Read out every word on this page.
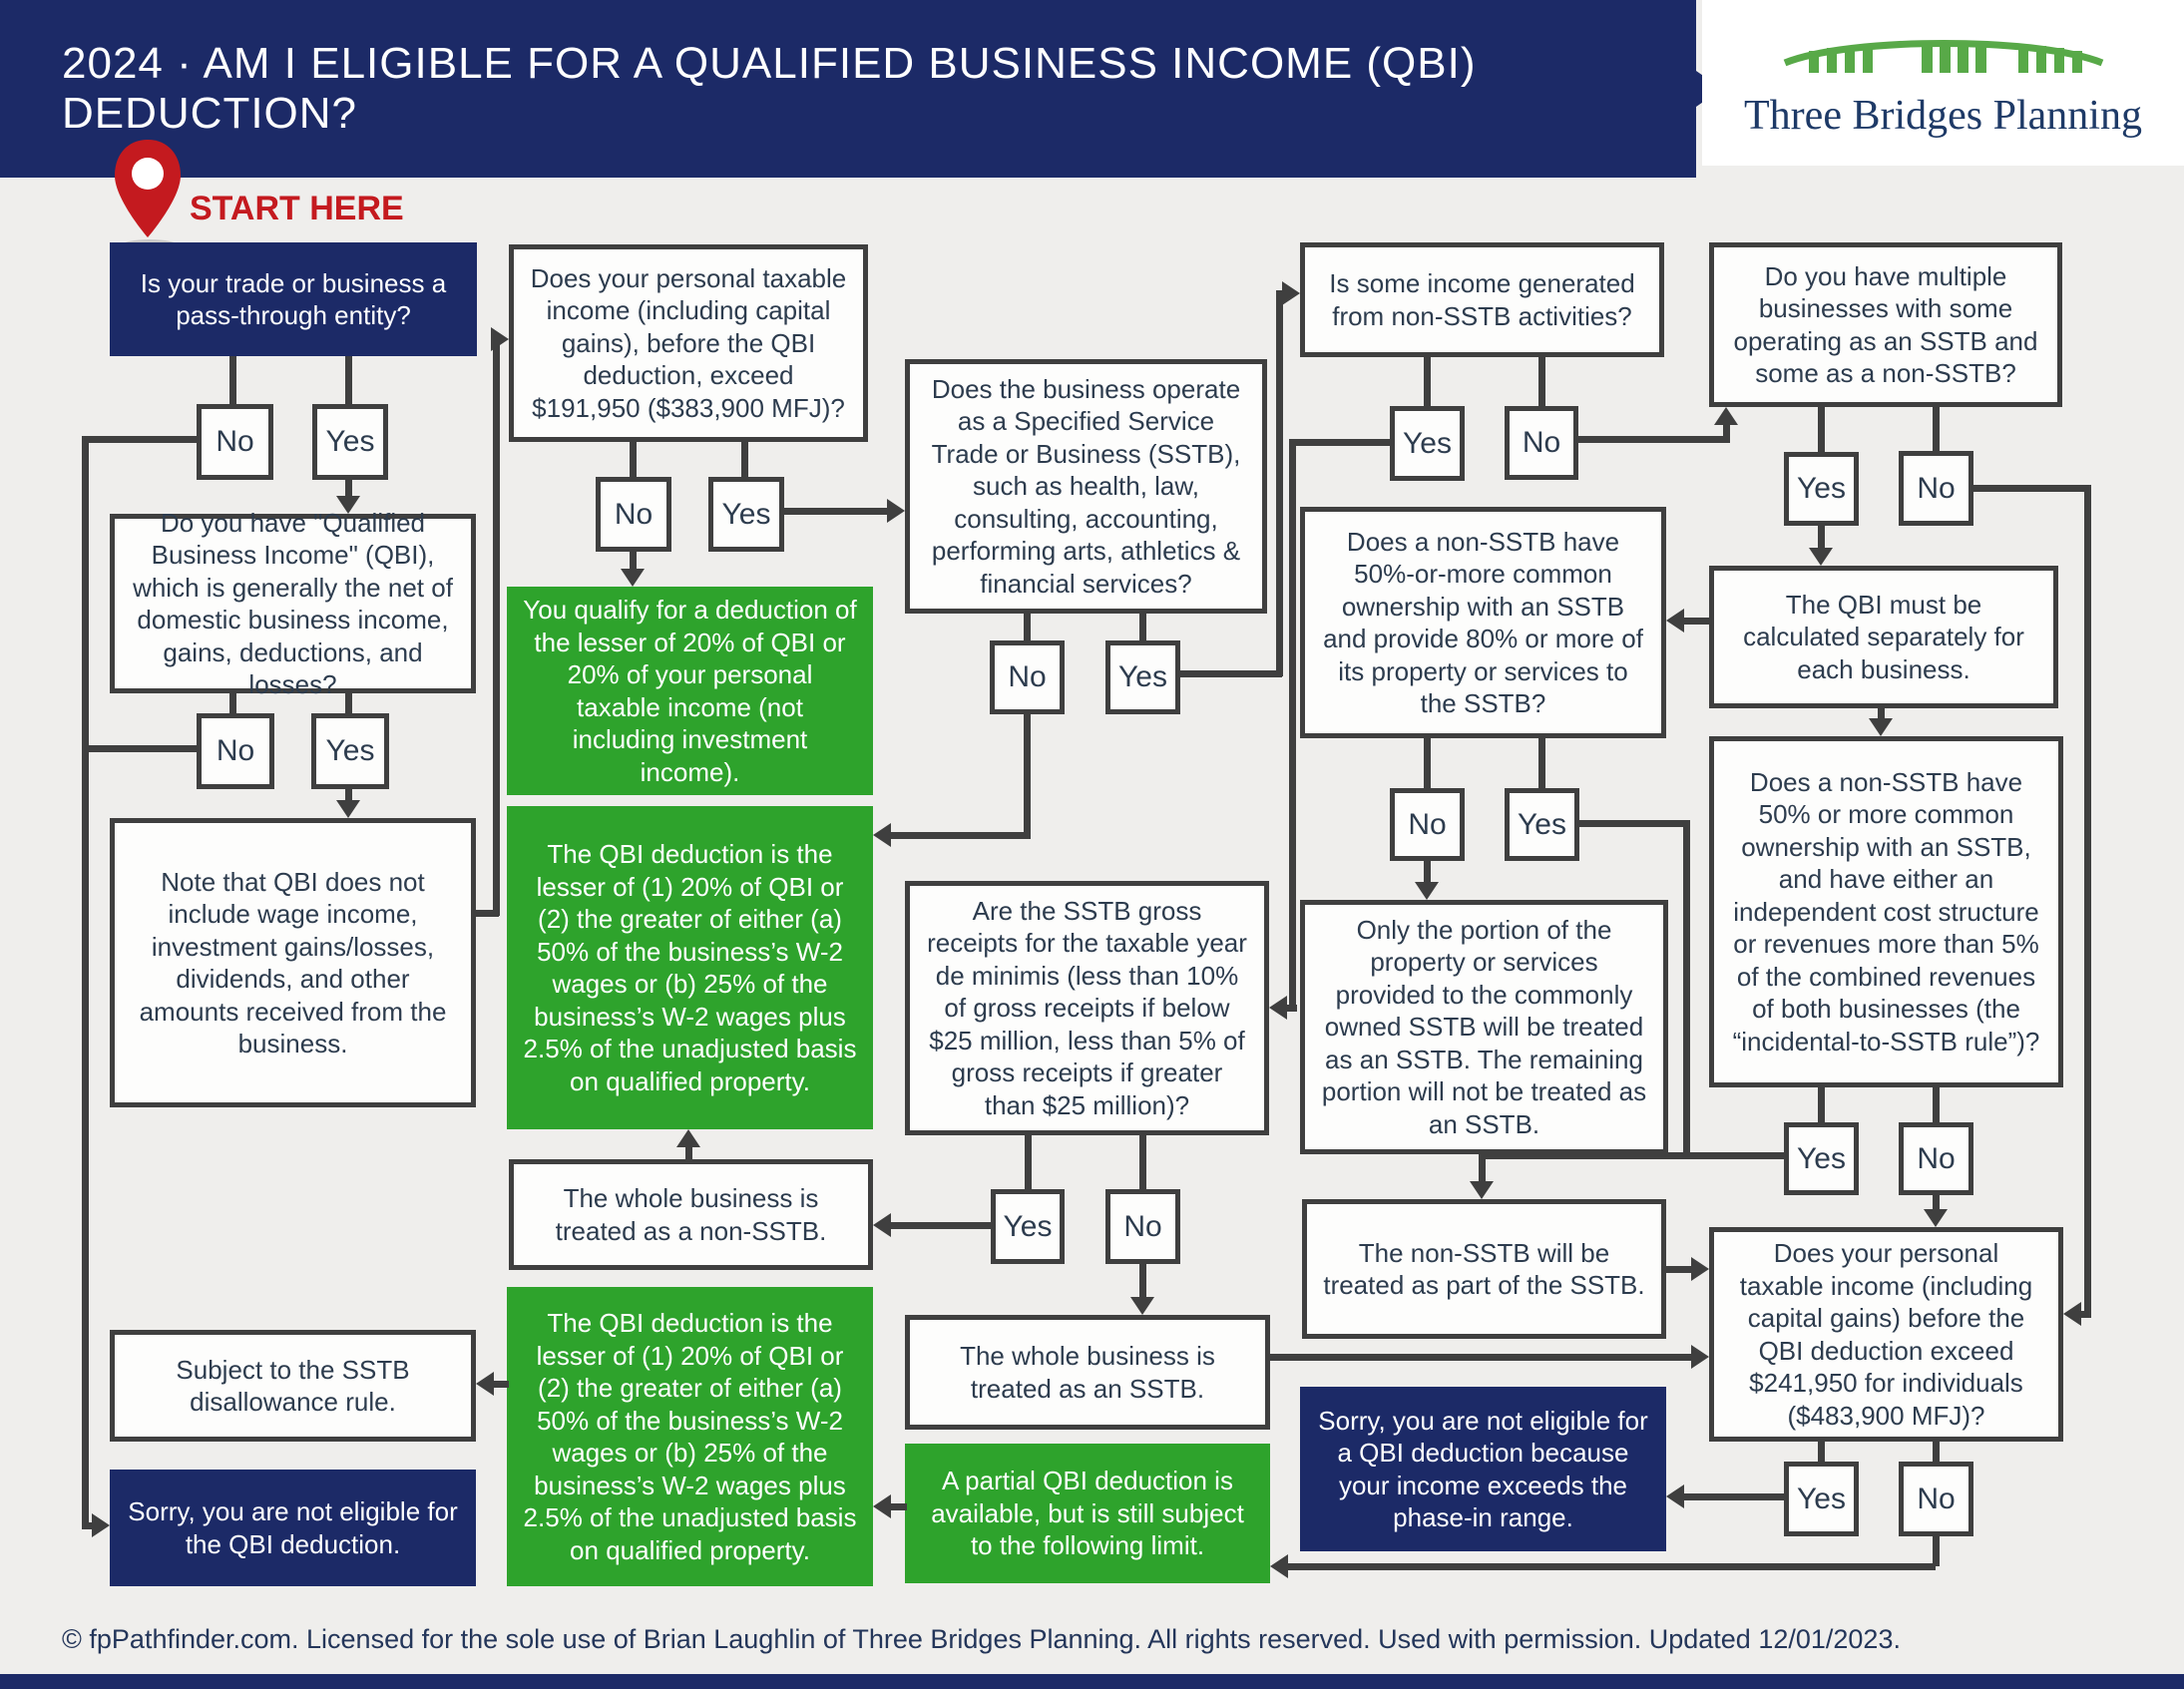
2024 · AM I ELIGIBLE FOR A QUALIFIED BUSINESS INCOME (QBI) DEDUCTION?	Three Bridges Planning
START HERE
Is your trade or business a pass-through entity?
No	Yes
Do you have "Qualified Business Income" (QBI), which is generally the net of domestic business income, gains, deductions, and losses?
No	Yes
Note that QBI does not include wage income, investment gains/losses, dividends, and other amounts received from the business.
Subject to the SSTB disallowance rule.
Sorry, you are not eligible for the QBI deduction.
Does your personal taxable income (including capital gains), before the QBI deduction, exceed $191,950 ($383,900 MFJ)?
No	Yes
You qualify for a deduction of the lesser of 20% of QBI or 20% of your personal taxable income (not including investment income).
The QBI deduction is the lesser of (1) 20% of QBI or (2) the greater of either (a) 50% of the business’s W-2 wages or (b) 25% of the business’s W-2 wages plus 2.5% of the unadjusted basis on qualified property.
The whole business is treated as a non-SSTB.
The QBI deduction is the lesser of (1) 20% of QBI or (2) the greater of either (a) 50% of the business’s W-2 wages or (b) 25% of the business’s W-2 wages plus 2.5% of the unadjusted basis on qualified property.
Does the business operate as a Specified Service Trade or Business (SSTB), such as health, law, consulting, accounting, performing arts, athletics & financial services?
No	Yes
Are the SSTB gross receipts for the taxable year de minimis (less than 10% of gross receipts if below $25 million, less than 5% of gross receipts if greater than $25 million)?
Yes	No
The whole business is treated as an SSTB.
A partial QBI deduction is available, but is still subject to the following limit.
Is some income generated from non-SSTB activities?
Yes	No
Does a non-SSTB have 50%-or-more common ownership with an SSTB and provide 80% or more of its property or services to the SSTB?
No	Yes
Only the portion of the property or services provided to the commonly owned SSTB will be treated as an SSTB. The remaining portion will not be treated as an SSTB.
The non-SSTB will be treated as part of the SSTB.
Sorry, you are not eligible for a QBI deduction because your income exceeds the phase-in range.
Do you have multiple businesses with some operating as an SSTB and some as a non-SSTB?
Yes	No
The QBI must be calculated separately for each business.
Does a non-SSTB have 50% or more common ownership with an SSTB, and have either an independent cost structure or revenues more than 5% of the combined revenues of both businesses (the “incidental-to-SSTB rule”)?
Yes	No
Does your personal taxable income (including capital gains) before the QBI deduction exceed $241,950 for individuals ($483,900 MFJ)?
Yes	No
© fpPathfinder.com. Licensed for the sole use of Brian Laughlin of Three Bridges Planning. All rights reserved. Used with permission. Updated 12/01/2023.
